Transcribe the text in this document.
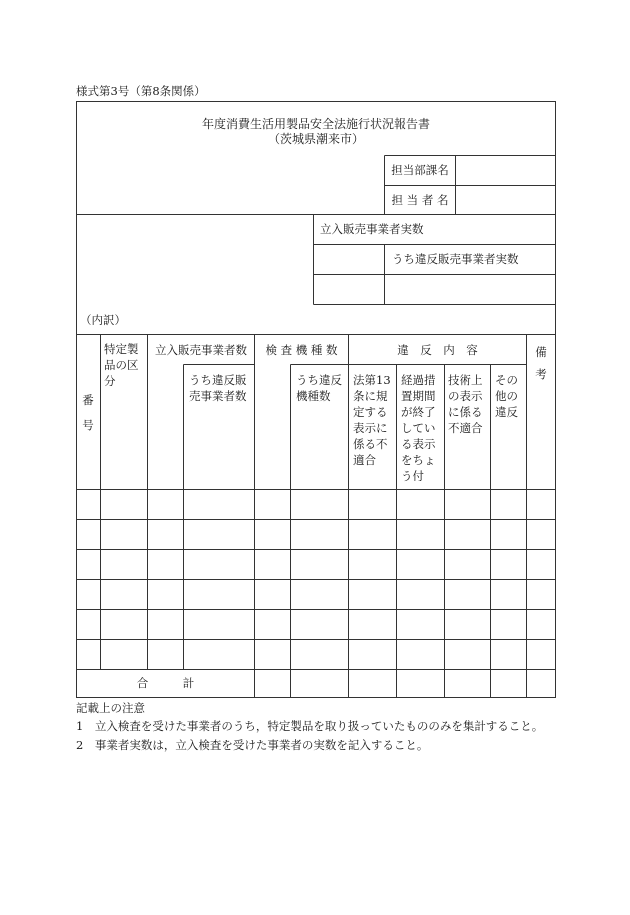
様式第3号（第8条関係）
年度消費生活用製品安全法施行状況報告書
（茨城県潮来市）
担当部課名
担 当 者 名
立入販売事業者実数
うち違反販売事業者実数
（内訳）
番号
特定製品の区分
立入販売事業者数
うち違反販売事業者数
検 査 機 種 数
うち違反機種数
違　反　内　容
法第13条に規定する表示に係る不適合
経過措置期間が終了している表示をちょう付
技術上の表示に係る不適合
その他の違反
備考
合　　　計
記載上の注意
1　立入検査を受けた事業者のうち，特定製品を取り扱っていたもののみを集計すること。
2　事業者実数は，立入検査を受けた事業者の実数を記入すること。
